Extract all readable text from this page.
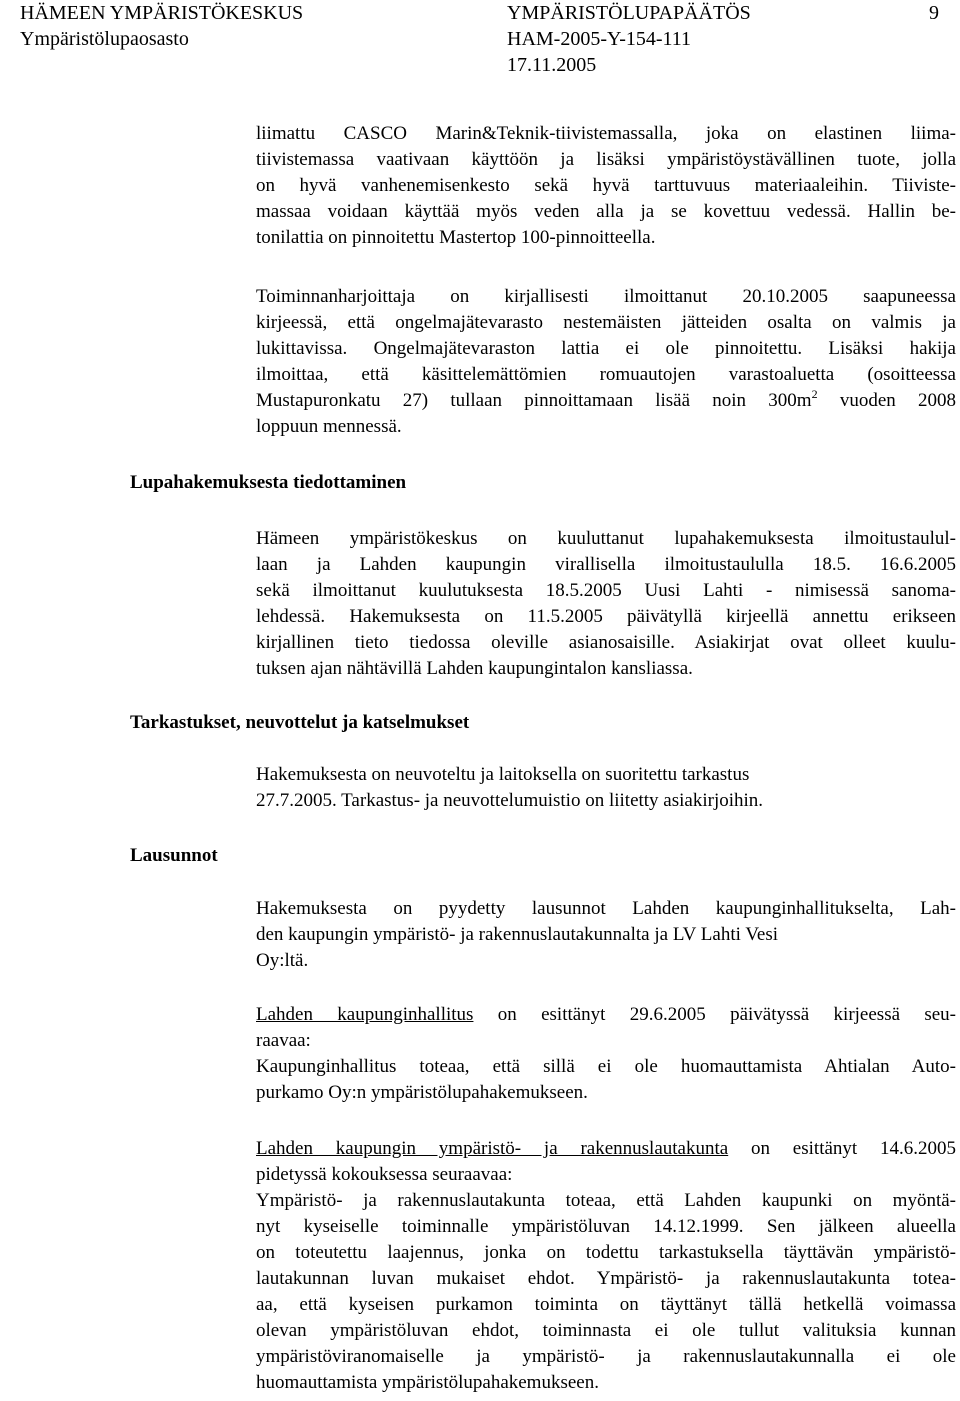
HÄMEEN YMPÄRISTÖKESKUS	YMPÄRISTÖLUPAPÄÄTÖS	9
Ympäristölupaosasto	HAM-2005-Y-154-111
17.11.2005
liimattu CASCO Marin&Teknik-tiivistemassalla, joka on elastinen liima-
tiivistemassa vaativaan käyttöön ja lisäksi ympäristöystävällinen tuote, jolla
on hyvä vanhenemisenkesto sekä hyvä tarttuvuus materiaaleihin. Tiiviste-
massaa voidaan käyttää myös veden alla ja se kovettuu vedessä. Hallin be-
tonilattia on pinnoitettu Mastertop 100-pinnoitteella.
Toiminnanharjoittaja on kirjallisesti ilmoittanut 20.10.2005 saapuneessa
kirjeessä, että ongelmajätevarasto nestemäisten jätteiden osalta on valmis ja
lukittavissa. Ongelmajätevaraston lattia ei ole pinnoitettu. Lisäksi hakija
ilmoittaa, että käsittelemättömien romuautojen varastoaluetta (osoitteessa
Mustapuronkatu 27) tullaan pinnoittamaan lisää noin $300m^2$ vuoden 2008
loppuun mennessä.
Lupahakemuksesta tiedottaminen
Hämeen ympäristökeskus on kuuluttanut lupahakemuksesta ilmoitustaulul-
laan ja Lahden kaupungin virallisella ilmoitustaululla 18.5. 16.6.2005
sekä ilmoittanut kuulutuksesta 18.5.2005 Uusi Lahti - nimisessä sanoma-
lehdessä. Hakemuksesta on 11.5.2005 päivätyllä kirjeellä annettu erikseen
kirjallinen tieto tiedossa oleville asianosaisille. Asiakirjat ovat olleet kuulu-
tuksen ajan nähtävillä Lahden kaupungintalon kansliassa.
Tarkastukset, neuvottelut ja katselmukset
Hakemuksesta on neuvoteltu ja laitoksella on suoritettu tarkastus
27.7.2005. Tarkastus- ja neuvottelumuistio on liitetty asiakirjoihin.
Lausunnot
Hakemuksesta on pyydetty lausunnot Lahden kaupunginhallitukselta, Lah-
den kaupungin ympäristö- ja rakennuslautakunnalta ja LV Lahti Vesi
Oy:ltä.
Lahden kaupunginhallitus on esittänyt 29.6.2005 päivätyssä kirjeessä seu-
raavaa:
Kaupunginhallitus toteaa, että sillä ei ole huomauttamista Ahtialan Auto-
purkamo Oy:n ympäristölupahakemukseen.
Lahden kaupungin ympäristö- ja rakennuslautakunta on esittänyt 14.6.2005
pidetyssä kokouksessa seuraavaa:
Ympäristö- ja rakennuslautakunta toteaa, että Lahden kaupunki on myöntä-
nyt kyseiselle toiminnalle ympäristöluvan 14.12.1999. Sen jälkeen alueella
on toteutettu laajennus, jonka on todettu tarkastuksella täyttävän ympäristö-
lautakunnan luvan mukaiset ehdot. Ympäristö- ja rakennuslautakunta totea-
aa, että kyseisen purkamon toiminta on täyttänyt tällä hetkellä voimassa
olevan ympäristöluvan ehdot, toiminnasta ei ole tullut valituksia kunnan
ympäristöviranomaiselle ja ympäristö- ja rakennuslautakunnalla ei ole
huomauttamista ympäristölupahakemukseen.
